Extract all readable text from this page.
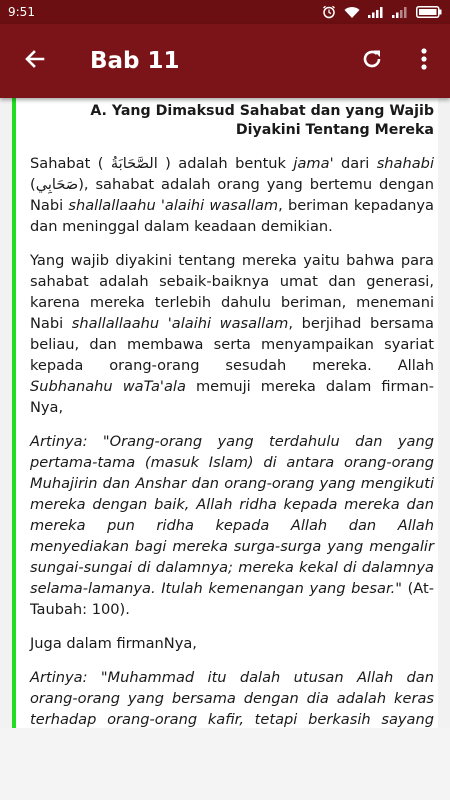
9:51
Bab 11
A. Yang Dimaksud Sahabat dan yang Wajib Diyakini Tentang Mereka

Sahabat ( الصَّحَابَةُ ) adalah bentuk jama' dari shahabi (صَحَابِي), sahabat adalah orang yang bertemu dengan Nabi shallallaahu 'alaihi wasallam, beriman kepadanya dan meninggal dalam keadaan demikian.

Yang wajib diyakini tentang mereka yaitu bahwa para sahabat adalah sebaik-baiknya umat dan generasi, karena mereka terlebih dahulu beriman, menemani Nabi shallallaahu 'alaihi wasallam, berjihad bersama beliau, dan membawa serta menyampaikan syariat kepada orang-orang sesudah mereka. Allah Subhanahu waTa'ala memuji mereka dalam firman-Nya,

Artinya: "Orang-orang yang terdahulu dan yang pertama-tama (masuk Islam) di antara orang-orang Muhajirin dan Anshar dan orang-orang yang mengikuti mereka dengan baik, Allah ridha kepada mereka dan mereka pun ridha kepada Allah dan Allah menyediakan bagi mereka surga-surga yang mengalir sungai-sungai di dalamnya; mereka kekal di dalamnya selama-lamanya. Itulah kemenangan yang besar." (At-Taubah: 100).

Juga dalam firmanNya,

Artinya: "Muhammad itu dalah utusan Allah dan orang-orang yang bersama dengan dia adalah keras terhadap orang-orang kafir, tetapi berkasih sayang
